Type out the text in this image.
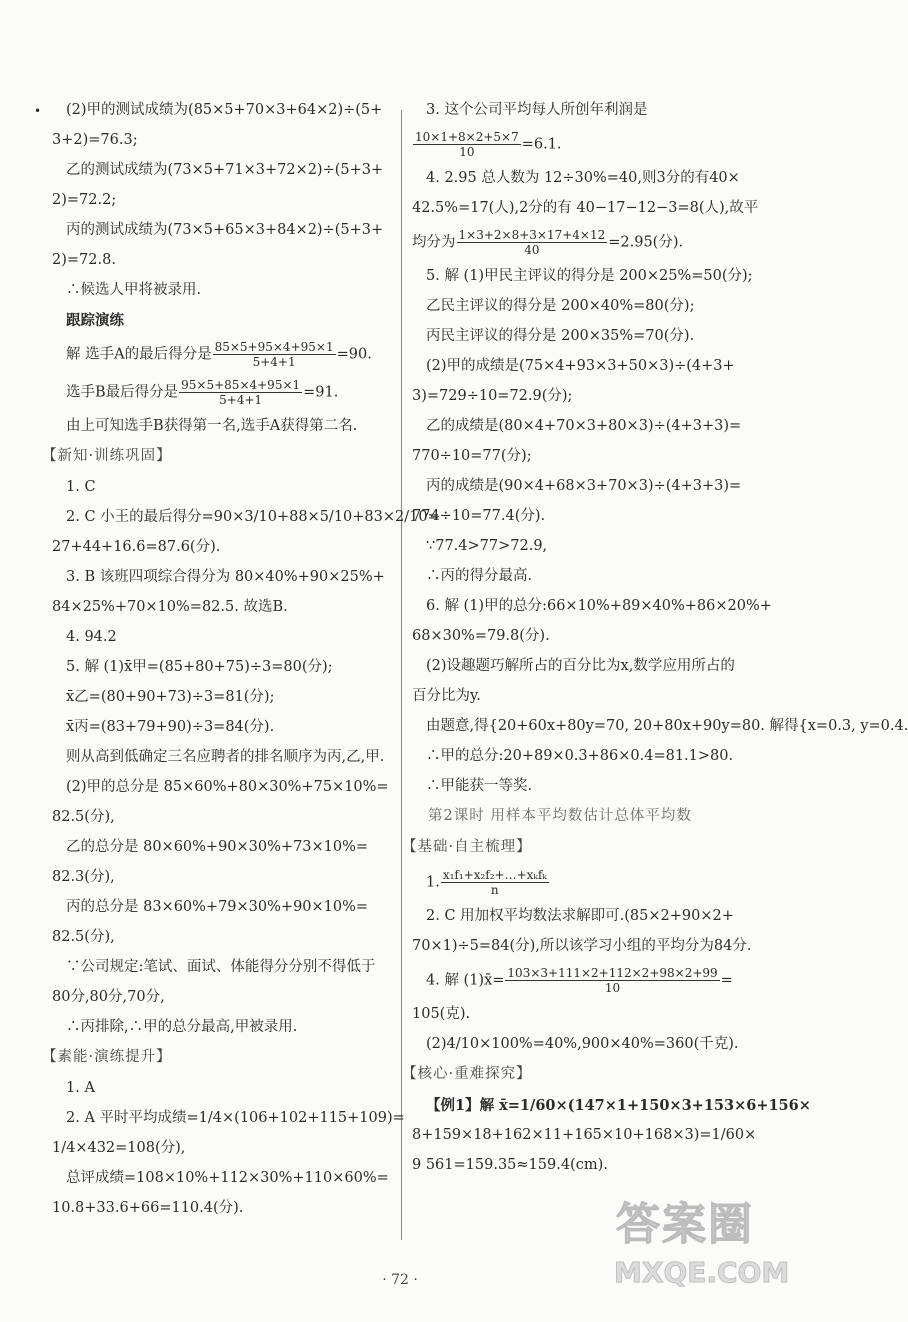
•	(2)甲的测试成绩为(85×5+70×3+64×2)÷(5+
3+2)=76.3;
乙的测试成绩为(73×5+71×3+72×2)÷(5+3+
2)=72.2;
丙的测试成绩为(73×5+65×3+84×2)÷(5+3+
2)=72.8.
∴候选人甲将被录用.
跟踪演练
解 选手A的最后得分是 $\frac{85\times 5+95\times 4+95\times 1}{5+4+1} =90$.
选手B最后得分是 $\frac{95\times 5+85\times 4+95\times 1}{5+4+1} =91$.
由上可知选手B获得第一名,选手A获得第二名.
【新知·训练巩固】
1. C
2. C 小王的最后得分=90×3/10+88×5/10+83×2/10=
27+44+16.6=87.6(分).
3. B 该班四项综合得分为 80×40%+90×25%+
84×25%+70×10%=82.5. 故选B.
4. 94.2
5. 解 (1)x̄甲=(85+80+75)÷3=80(分);
x̄乙=(80+90+73)÷3=81(分);
x̄丙=(83+79+90)÷3=84(分).
则从高到低确定三名应聘者的排名顺序为丙,乙,甲.
(2)甲的总分是 85×60%+80×30%+75×10%=
82.5(分),
乙的总分是 80×60%+90×30%+73×10%=
82.3(分),
丙的总分是 83×60%+79×30%+90×10%=
82.5(分),
∵公司规定:笔试、面试、体能得分分别不得低于
80分,80分,70分,
∴丙排除,∴甲的总分最高,甲被录用.
【素能·演练提升】
1. A
2. A 平时平均成绩=1/4×(106+102+115+109)=
1/4×432=108(分),
总评成绩=108×10%+112×30%+110×60%=
10.8+33.6+66=110.4(分).
3. 这个公司平均每人所创年利润是
$\frac{10\times 1+8\times 2+5\times 7}{10} =6.1$.
4. 2.95 总人数为 12÷30%=40,则3分的有40×
42.5%=17(人),2分的有 40−17−12−3=8(人),故平
均分为 $\frac{1\times 3+2\times 8+3\times 17+4\times 12}{40} =2.95$(分).
5. 解 (1)甲民主评议的得分是 200×25%=50(分);
乙民主评议的得分是 200×40%=80(分);
丙民主评议的得分是 200×35%=70(分).
(2)甲的成绩是(75×4+93×3+50×3)÷(4+3+
3)=729÷10=72.9(分);
乙的成绩是(80×4+70×3+80×3)÷(4+3+3)=
770÷10=77(分);
丙的成绩是(90×4+68×3+70×3)÷(4+3+3)=
774÷10=77.4(分).
∵77.4>77>72.9,
∴丙的得分最高.
6. 解 (1)甲的总分:66×10%+89×40%+86×20%+
68×30%=79.8(分).
(2)设趣题巧解所占的百分比为x,数学应用所占的
百分比为y.
由题意,得{20+60x+80y=70, 20+80x+90y=80. 解得{x=0.3, y=0.4.
∴甲的总分:20+89×0.3+86×0.4=81.1>80.
∴甲能获一等奖.
第2课时 用样本平均数估计总体平均数
【基础·自主梳理】
1. $\frac{\text{x₁f₁+x₂f₂+…+xₖfₖ}}{n}$
2. C 用加权平均数法求解即可.(85×2+90×2+
70×1)÷5=84(分),所以该学习小组的平均分为84分.
4. 解 (1)x̄= $\frac{103\times 3+111\times 2+112\times 2+98\times 2+99}{10}$ =
105(克).
(2)4/10×100%=40%,900×40%=360(千克).
【核心·重难探究】
【例1】解 x̄=1/60×(147×1+150×3+153×6+156×
8+159×18+162×11+165×10+168×3)=1/60×
9 561=159.35≈159.4(cm).
· 72 ·
答案圈
MXQE.COM
